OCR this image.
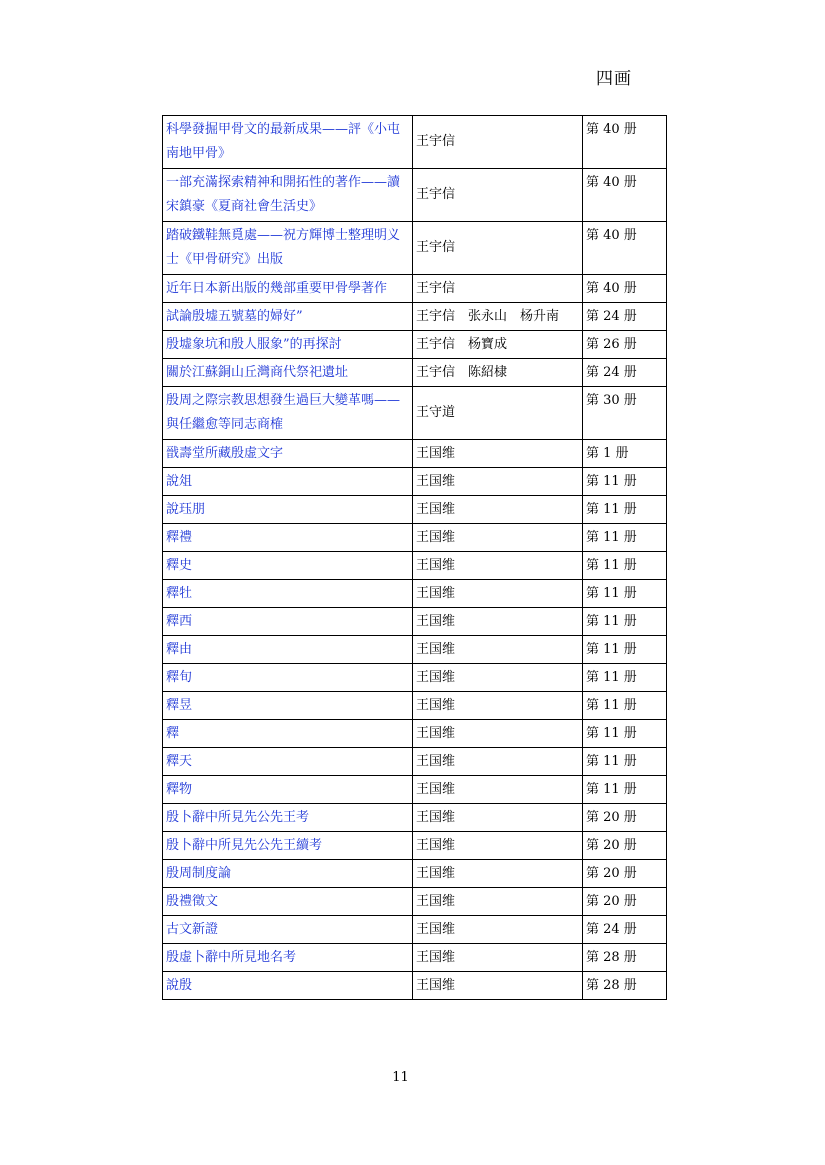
四画
科學發掘甲骨文的最新成果——評《小屯南地甲骨》	王宇信	第 40 册
一部充滿探索精神和開拓性的著作——讀宋鎮豪《夏商社會生活史》	王宇信	第 40 册
踏破鐵鞋無覓處——祝方輝博士整理明义士《甲骨研究》出版	王宇信	第 40 册
近年日本新出版的幾部重要甲骨學著作	王宇信	第 40 册
試論殷墟五號墓的婦好”	王宇信　张永山　杨升南	第 24 册
殷墟象坑和殷人服象”的再探討	王宇信　杨寶成	第 26 册
關於江蘇銅山丘灣商代祭祀遺址	王宇信　陈紹棣	第 24 册
殷周之際宗教思想發生過巨大變革嗎——與任繼愈等同志商榷	王守道	第 30 册
戩壽堂所藏殷虚文字	王国维	第 1 册
說俎	王国维	第 11 册
說珏朋	王国维	第 11 册
釋禮	王国维	第 11 册
釋史	王国维	第 11 册
釋牡	王国维	第 11 册
釋西	王国维	第 11 册
釋由	王国维	第 11 册
釋旬	王国维	第 11 册
釋昱	王国维	第 11 册
釋	王国维	第 11 册
釋天	王国维	第 11 册
釋物	王国维	第 11 册
殷卜辭中所見先公先王考	王国维	第 20 册
殷卜辭中所見先公先王續考	王国维	第 20 册
殷周制度論	王国维	第 20 册
殷禮徵文	王国维	第 20 册
古文新證	王国维	第 24 册
殷虚卜辭中所見地名考	王国维	第 28 册
說殷	王国维	第 28 册
11
